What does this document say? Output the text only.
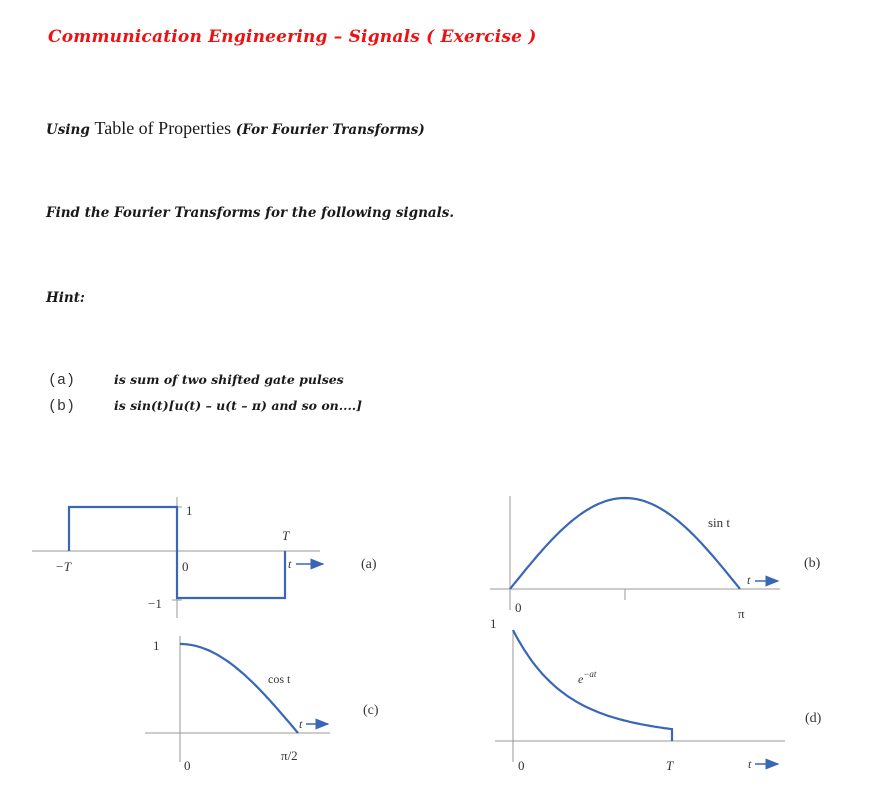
Communication Engineering – Signals ( Exercise )

Using Table of Properties (For Fourier Transforms)

Find the Fourier Transforms for the following signals.

Hint:

(a)	is sum of two shifted gate pulses
(b)	is sin(t)[u(t) – u(t – π) and so on....]
1
−1
0
−T
T
t	(a)
sin t
0	π
t
(b)
1
cos t
0
π/2
t
(c)
1
$e^{-at}$
0	T	t
(d)
